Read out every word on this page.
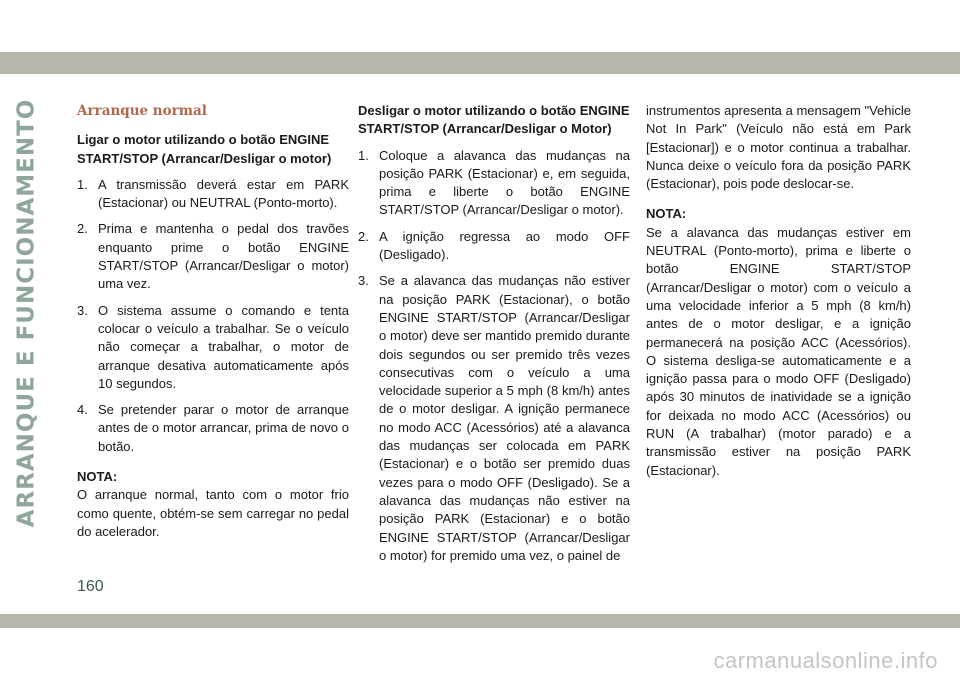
ARRANQUE E FUNCIONAMENTO	Arranque normal
Ligar o motor utilizando o botão ENGINE START/STOP (Arrancar/Desligar o motor)
1. A transmissão deverá estar em PARK (Estacionar) ou NEUTRAL (Ponto-morto).
2. Prima e mantenha o pedal dos travões enquanto prime o botão ENGINE START/STOP (Arrancar/Desligar o motor) uma vez.
3. O sistema assume o comando e tenta colocar o veículo a trabalhar. Se o veículo não começar a trabalhar, o motor de arranque desativa automaticamente após 10 segundos.
4. Se pretender parar o motor de arranque antes de o motor arrancar, prima de novo o botão.
NOTA:

O arranque normal, tanto com o motor frio como quente, obtém-se sem carregar no pedal do acelerador.

Desligar o motor utilizando o botão ENGINE START/STOP (Arrancar/Desligar o Motor)
1. Coloque a alavanca das mudanças na posição PARK (Estacionar) e, em seguida, prima e liberte o botão ENGINE START/STOP (Arrancar/Desligar o motor).
2. A ignição regressa ao modo OFF (Desligado).
3. Se a alavanca das mudanças não estiver na posição PARK (Estacionar), o botão ENGINE START/STOP (Arrancar/Desligar o motor) deve ser mantido premido durante dois segundos ou ser premido três vezes consecutivas com o veículo a uma velocidade superior a 5 mph (8 km/h) antes de o motor desligar. A ignição permanece no modo ACC (Acessórios) até a alavanca das mudanças ser colocada em PARK (Estacionar) e o botão ser premido duas vezes para o modo OFF (Desligado). Se a alavanca das mudanças não estiver na posição PARK (Estacionar) e o botão ENGINE START/STOP (Arrancar/Desligar o motor) for premido uma vez, o painel de

instrumentos apresenta a mensagem "Vehicle Not In Park" (Veículo não está em Park [Estacionar]) e o motor continua a trabalhar. Nunca deixe o veículo fora da posição PARK (Estacionar), pois pode deslocar-se.

NOTA:

Se a alavanca das mudanças estiver em NEUTRAL (Ponto-morto), prima e liberte o botão ENGINE START/STOP (Arrancar/Desligar o motor) com o veículo a uma velocidade inferior a 5 mph (8 km/h) antes de o motor desligar, e a ignição permanecerá na posição ACC (Acessórios). O sistema desliga-se automaticamente e a ignição passa para o modo OFF (Desligado) após 30 minutos de inatividade se a ignição for deixada no modo ACC (Acessórios) ou RUN (A trabalhar) (motor parado) e a transmissão estiver na posição PARK (Estacionar).

160
carmanualsonline.info
